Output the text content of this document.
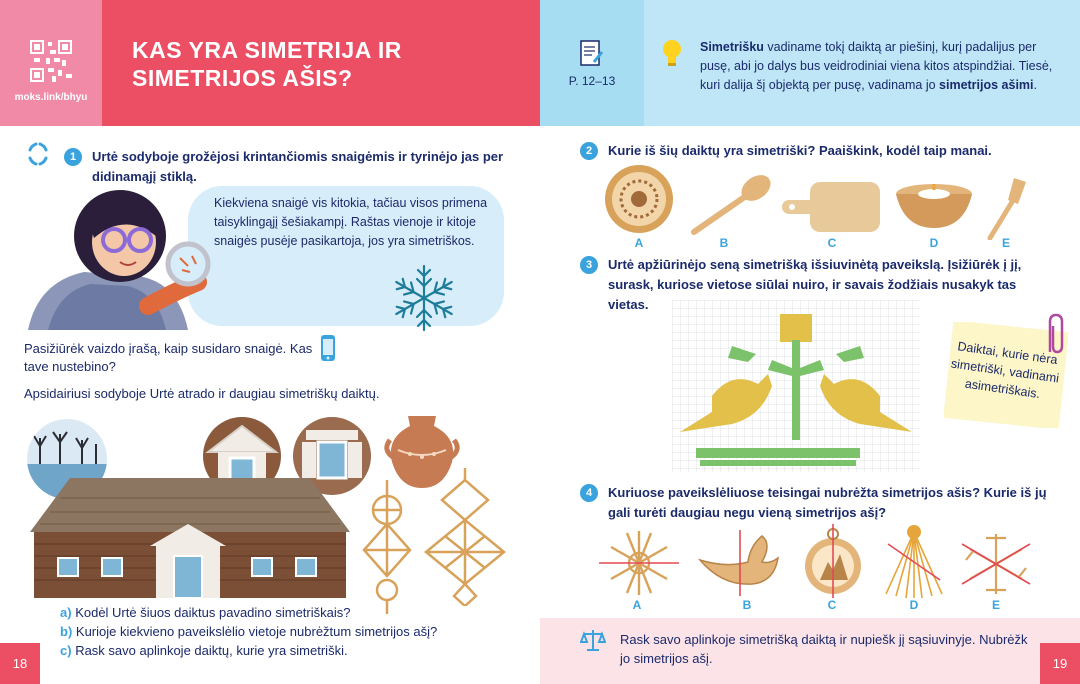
moks.link/bhyu
KAS YRA SIMETRIJA IR SIMETRIJOS AŠIS?
1	Urtė sodyboje grožėjosi krintančiomis snaigėmis ir tyrinėjo jas per didinamąjį stiklą.
Kiekviena snaigė vis kitokia, tačiau visos primena taisyklingąjį šešiakampį. Raštas vienoje ir kitoje snaigės pusėje pasikartoja, jos yra simetriškos.
Pasižiūrėk vaizdo įrašą, kaip susidaro snaigė. Kas tave nustebino?
Apsidairiusi sodyboje Urtė atrado ir daugiau simetriškų daiktų.
a) Kodėl Urtė šiuos daiktus pavadino simetriškais?
b) Kurioje kiekvieno paveikslėlio vietoje nubrėžtum simetrijos ašį?
c) Rask savo aplinkoje daiktų, kurie yra simetriški.
18
P. 12–13
Simetrišku vadiname tokį daiktą ar piešinį, kurį padalijus per pusę, abi jo dalys bus veidrodiniai viena kitos atspindžiai. Tiesė, kuri dalija šį objektą per pusę, vadinama jo simetrijos ašimi.
2	Kurie iš šių daiktų yra simetriški? Paaiškink, kodėl taip manai.
A	B	C	D	E
3	Urtė apžiūrinėjo seną simetrišką išsiuvinėtą paveikslą. Įsižiūrėk į jį, surask, kuriose vietose siūlai nuiro, ir savais žodžiais nusakyk tas vietas.
Daiktai, kurie nėra simetriški, vadinami asimetriškais.
4	Kuriuose paveikslėliuose teisingai nubrėžta simetrijos ašis? Kurie iš jų gali turėti daugiau negu vieną simetrijos ašį?
A	B	C	D	E
Rask savo aplinkoje simetrišką daiktą ir nupiešk jį sąsiuvinyje. Nubrėžk jo simetrijos ašį.	19
